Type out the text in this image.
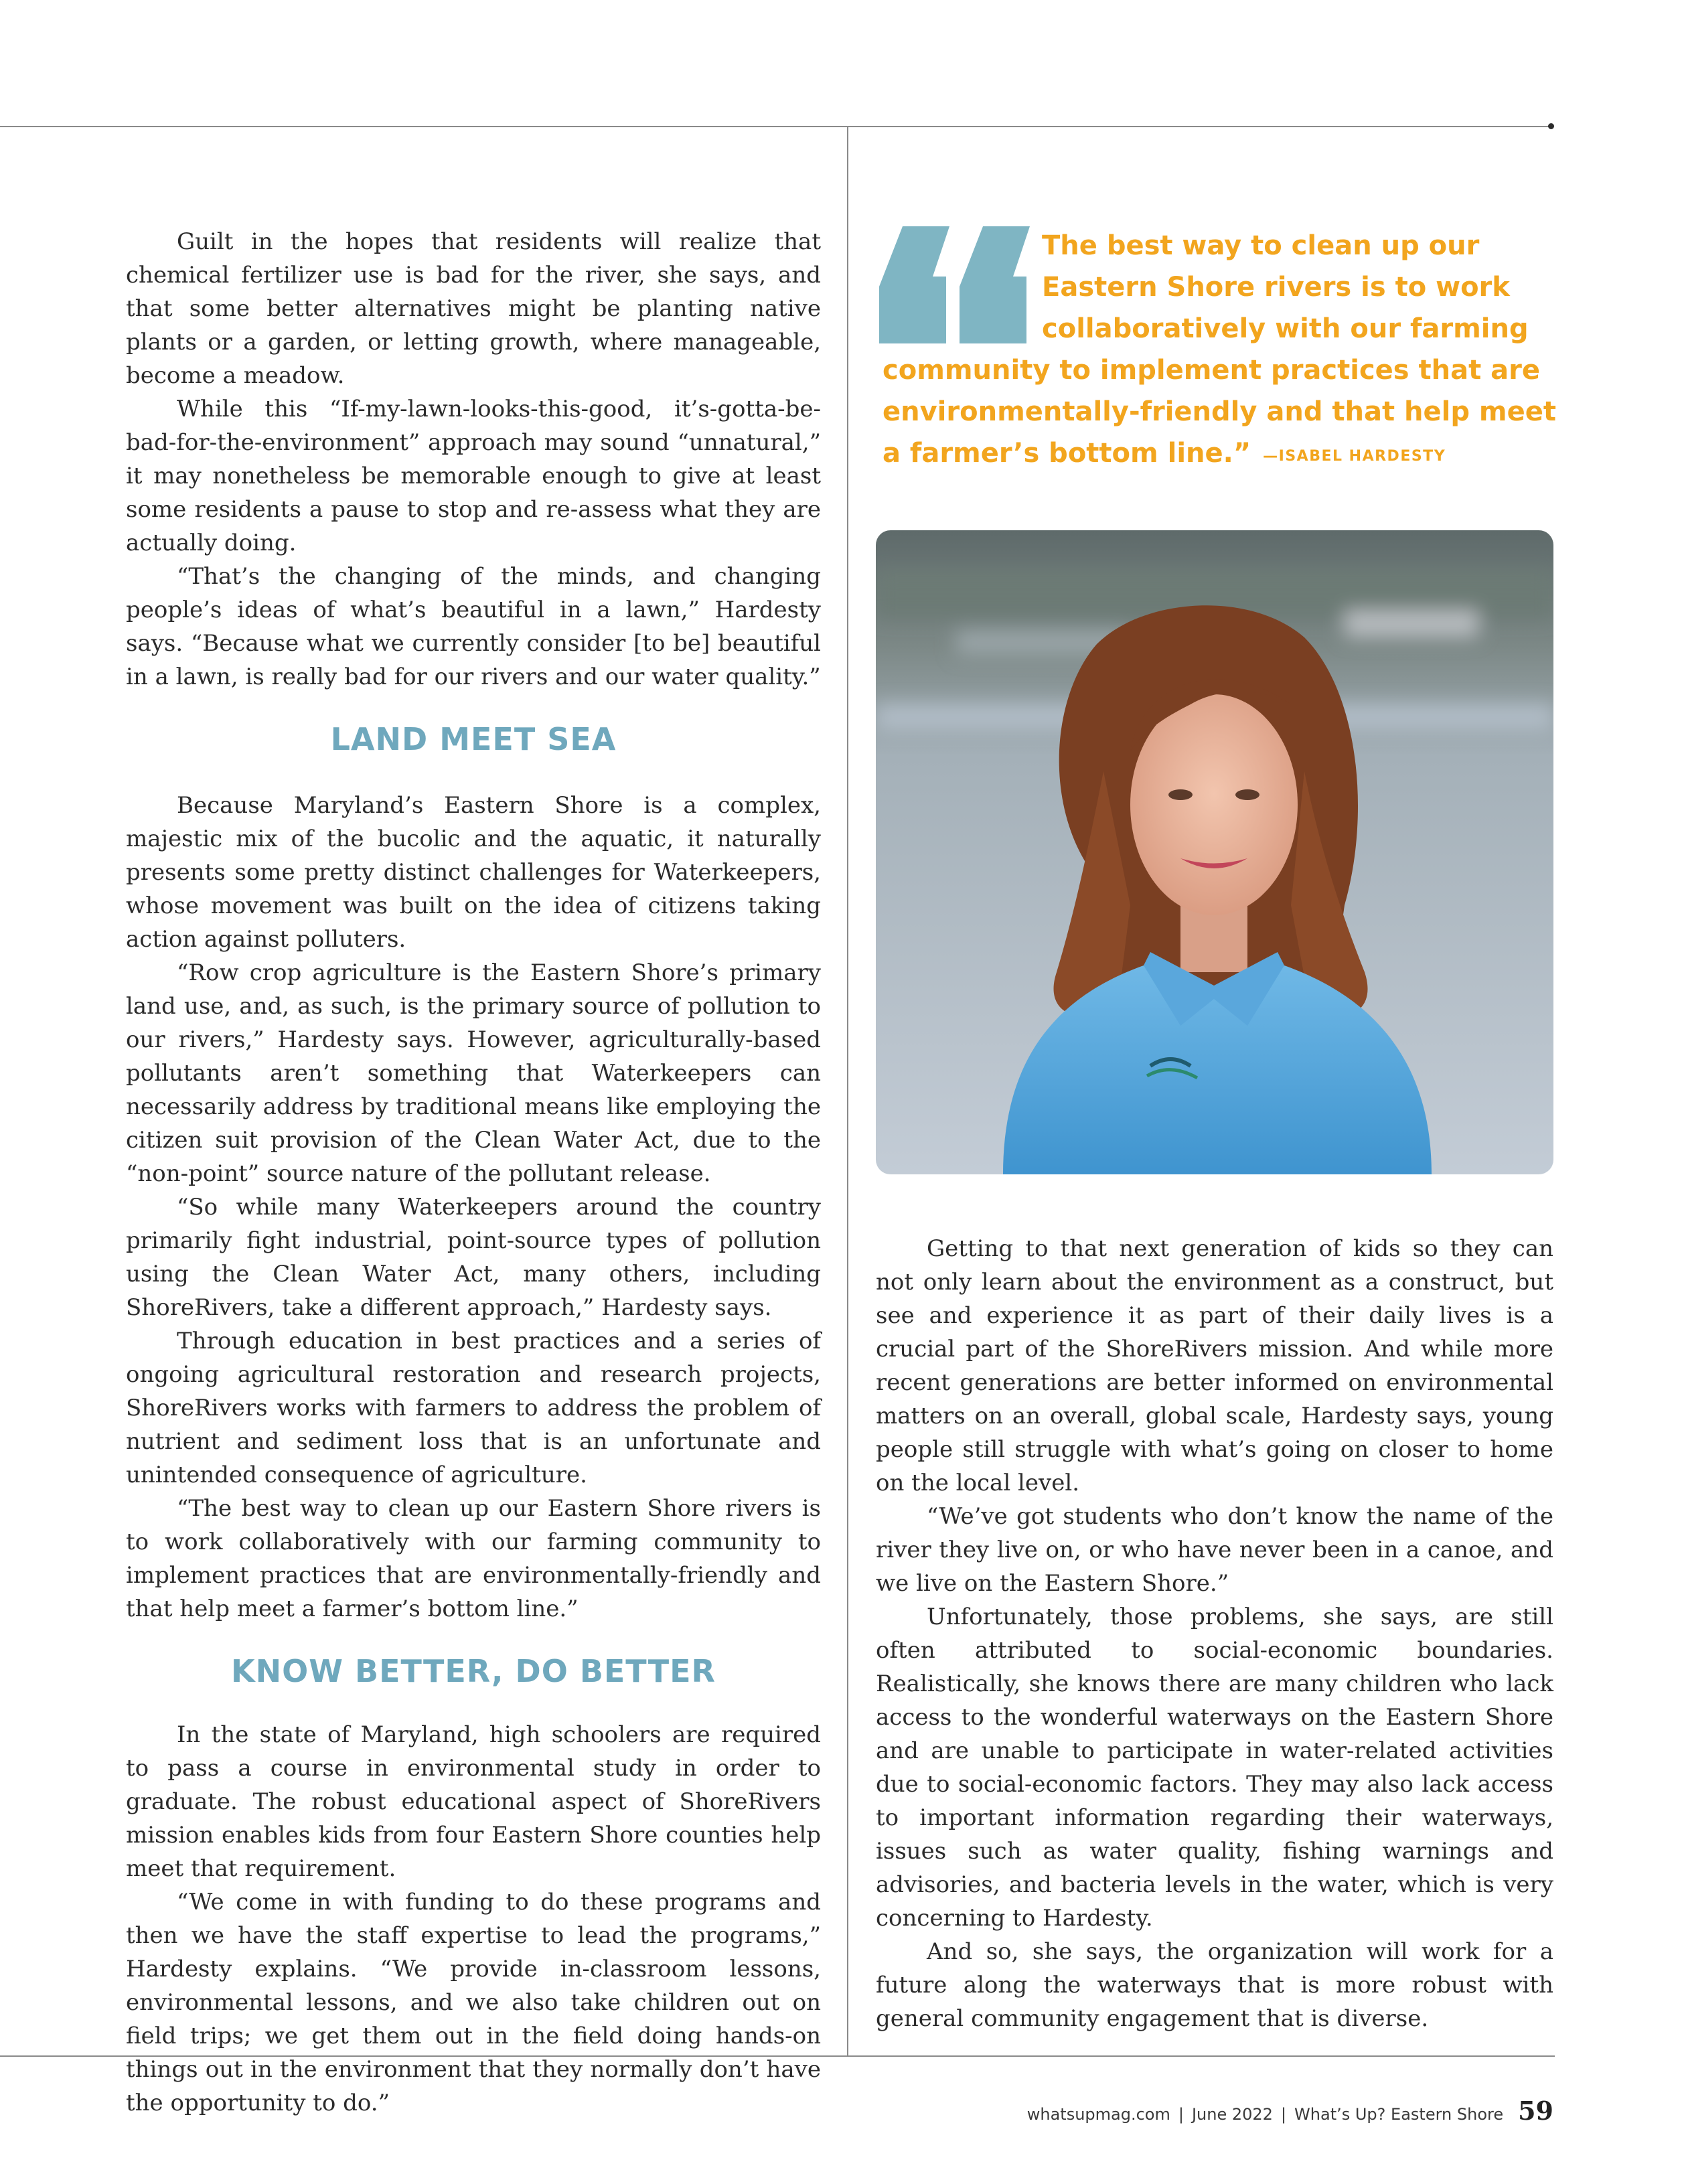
Guilt in the hopes that residents will realize that chemical fertilizer use is bad for the river, she says, and that some better alternatives might be planting native plants or a garden, or letting growth, where manageable, become a meadow.

While this “If-my-lawn-looks-this-good, it’s-gotta-be-bad-for-the-environment” approach may sound “unnatural,” it may nonetheless be memorable enough to give at least some residents a pause to stop and re-assess what they are actually doing.

“That’s the changing of the minds, and changing people’s ideas of what’s beautiful in a lawn,” Hardesty says. “Because what we currently consider [to be] beautiful in a lawn, is really bad for our rivers and our water quality.”

LAND MEET SEA

Because Maryland’s Eastern Shore is a complex, majestic mix of the bucolic and the aquatic, it naturally presents some pretty distinct challenges for Waterkeepers, whose movement was built on the idea of citizens taking action against polluters.

“Row crop agriculture is the Eastern Shore’s primary land use, and, as such, is the primary source of pollution to our rivers,” Hardesty says. However, agriculturally-based pollutants aren’t something that Waterkeepers can necessarily address by traditional means like employing the citizen suit provision of the Clean Water Act, due to the “non-point” source nature of the pollutant release.

“So while many Waterkeepers around the country primarily fight industrial, point-source types of pollution using the Clean Water Act, many others, including ShoreRivers, take a different approach,” Hardesty says.

Through education in best practices and a series of ongoing agricultural restoration and research projects, ShoreRivers works with farmers to address the problem of nutrient and sediment loss that is an unfortunate and unintended consequence of agriculture.

“The best way to clean up our Eastern Shore rivers is to work collaboratively with our farming community to implement practices that are environmentally-friendly and that help meet a farmer’s bottom line.”

KNOW BETTER, DO BETTER

In the state of Maryland, high schoolers are required to pass a course in environmental study in order to graduate. The robust educational aspect of ShoreRivers mission enables kids from four Eastern Shore counties help meet that requirement.

“We come in with funding to do these programs and then we have the staff expertise to lead the programs,” Hardesty explains. “We provide in-classroom lessons, environmental lessons, and we also take children out on field trips; we get them out in the field doing hands-on things out in the environment that they normally don’t have the opportunity to do.”

The best way to clean up our Eastern Shore rivers is to work collaboratively with our farming community to implement practices that are environmentally-friendly and that help meet a farmer’s bottom line.” —ISABEL HARDESTY

Getting to that next generation of kids so they can not only learn about the environment as a construct, but see and experience it as part of their daily lives is a crucial part of the ShoreRivers mission. And while more recent generations are better informed on environmental matters on an overall, global scale, Hardesty says, young people still struggle with what’s going on closer to home on the local level.

“We’ve got students who don’t know the name of the river they live on, or who have never been in a canoe, and we live on the Eastern Shore.”

Unfortunately, those problems, she says, are still often attributed to social-economic boundaries. Realistically, she knows there are many children who lack access to the wonderful waterways on the Eastern Shore and are unable to participate in water-related activities due to social-economic factors. They may also lack access to important information regarding their waterways, issues such as water quality, fishing warnings and advisories, and bacteria levels in the water, which is very concerning to Hardesty.

And so, she says, the organization will work for a future along the waterways that is more robust with general community engagement that is diverse.

whatsupmag.com | June 2022 | What’s Up? Eastern Shore 59
